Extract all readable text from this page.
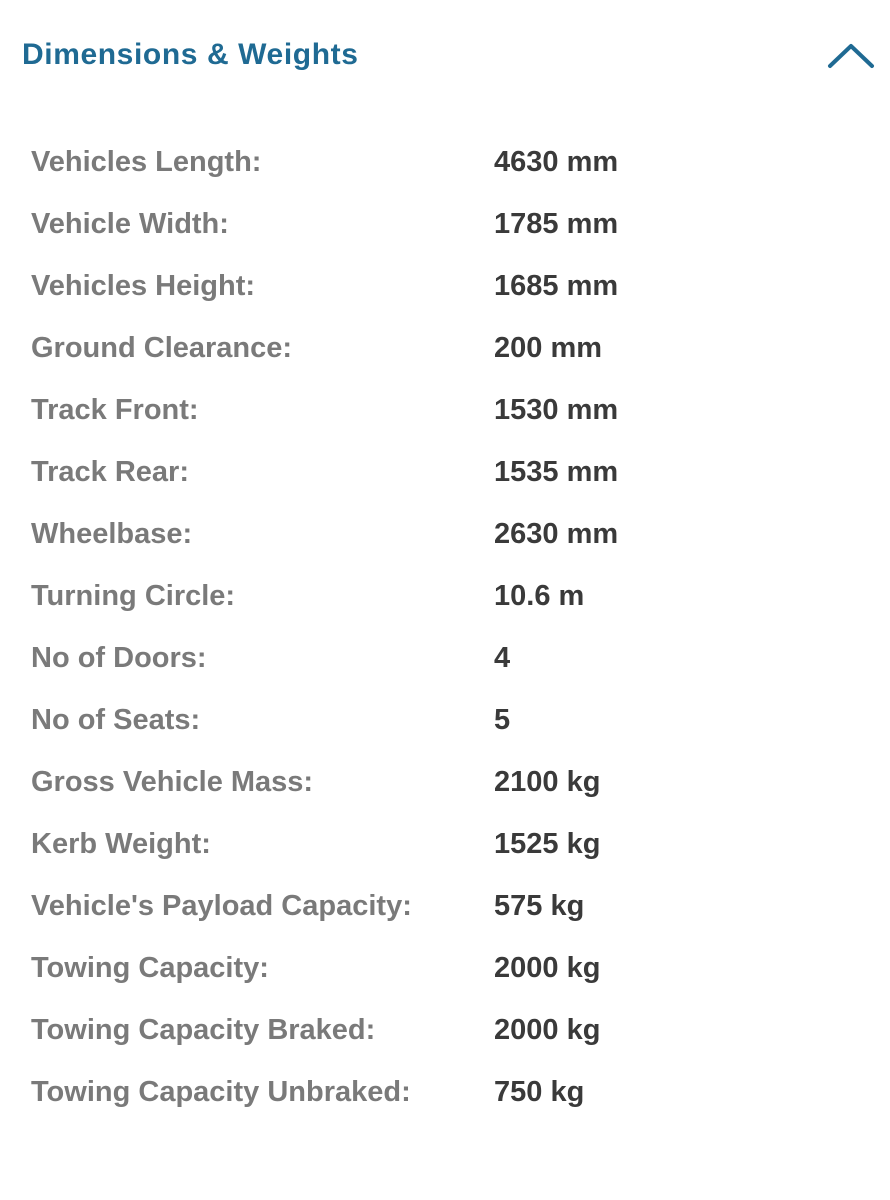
Dimensions & Weights
Vehicles Length:	4630 mm
Vehicle Width:	1785 mm
Vehicles Height:	1685 mm
Ground Clearance:	200 mm
Track Front:	1530 mm
Track Rear:	1535 mm
Wheelbase:	2630 mm
Turning Circle:	10.6 m
No of Doors:	4
No of Seats:	5
Gross Vehicle Mass:	2100 kg
Kerb Weight:	1525 kg
Vehicle's Payload Capacity:	575 kg
Towing Capacity:	2000 kg
Towing Capacity Braked:	2000 kg
Towing Capacity Unbraked:	750 kg
